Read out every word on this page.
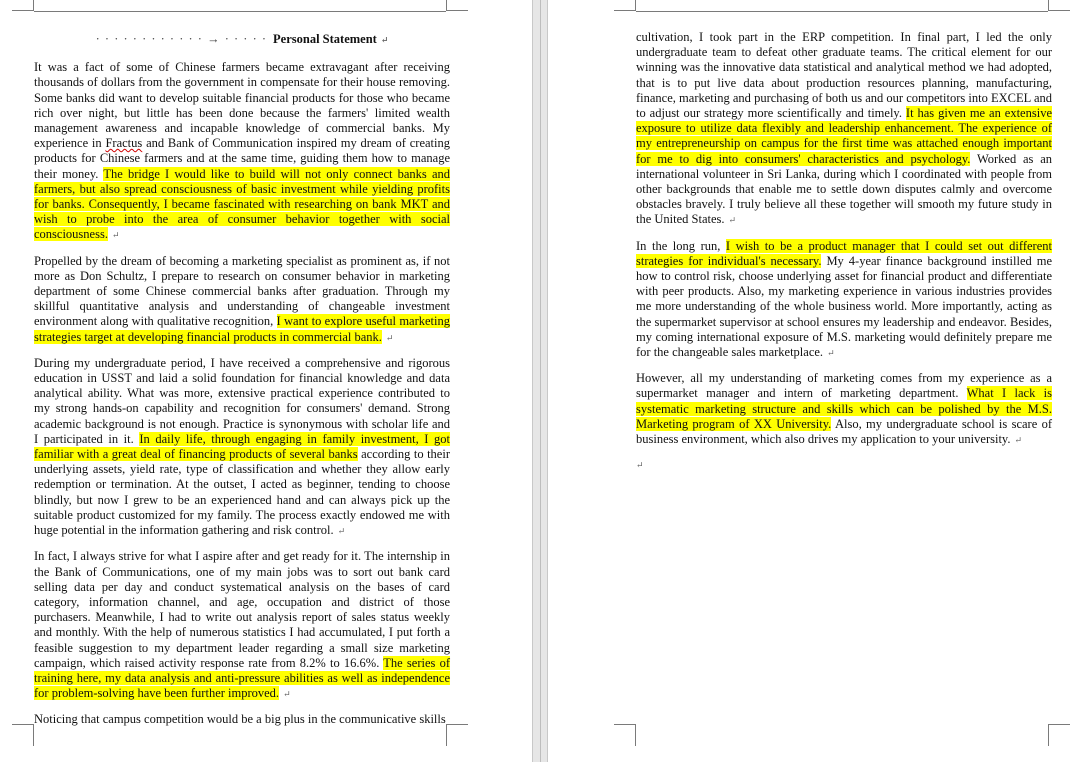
· · · · · · · · · · · · → · · · · · Personal Statement ↵

It was a fact of some of Chinese farmers became extravagant after receiving thousands of dollars from the government in compensate for their house removing. Some banks did want to develop suitable financial products for those who became rich over night, but little has been done because the farmers' limited wealth management awareness and incapable knowledge of commercial banks. My experience in Fractus and Bank of Communication inspired my dream of creating products for Chinese farmers and at the same time, guiding them how to manage their money. The bridge I would like to build will not only connect banks and farmers, but also spread consciousness of basic investment while yielding profits for banks. Consequently, I became fascinated with researching on bank MKT and wish to probe into the area of consumer behavior together with social consciousness. ↵

Propelled by the dream of becoming a marketing specialist as prominent as, if not more as Don Schultz, I prepare to research on consumer behavior in marketing department of some Chinese commercial banks after graduation. Through my skillful quantitative analysis and understanding of changeable investment environment along with qualitative recognition, I want to explore useful marketing strategies target at developing financial products in commercial bank. ↵

During my undergraduate period, I have received a comprehensive and rigorous education in USST and laid a solid foundation for financial knowledge and data analytical ability. What was more, extensive practical experience contributed to my strong hands-on capability and recognition for consumers' demand. Strong academic background is not enough. Practice is synonymous with scholar life and I participated in it. In daily life, through engaging in family investment, I got familiar with a great deal of financing products of several banks according to their underlying assets, yield rate, type of classification and whether they allow early redemption or termination. At the outset, I acted as beginner, tending to choose blindly, but now I grew to be an experienced hand and can always pick up the suitable product customized for my family. The process exactly endowed me with huge potential in the information gathering and risk control. ↵

In fact, I always strive for what I aspire after and get ready for it. The internship in the Bank of Communications, one of my main jobs was to sort out bank card selling data per day and conduct systematical analysis on the bases of card category, information channel, and age, occupation and district of those purchasers. Meanwhile, I had to write out analysis report of sales status weekly and monthly. With the help of numerous statistics I had accumulated, I put forth a feasible suggestion to my department leader regarding a small size marketing campaign, which raised activity response rate from 8.2% to 16.6%. The series of training here, my data analysis and anti-pressure abilities as well as independence for problem-solving have been further improved. ↵

Noticing that campus competition would be a big plus in the communicative skills

cultivation, I took part in the ERP competition. In final part, I led the only undergraduate team to defeat other graduate teams. The critical element for our winning was the innovative data statistical and analytical method we had adopted, that is to put live data about production resources planning, manufacturing, finance, marketing and purchasing of both us and our competitors into EXCEL and to adjust our strategy more scientifically and timely. It has given me an extensive exposure to utilize data flexibly and leadership enhancement. The experience of my entrepreneurship on campus for the first time was attached enough important for me to dig into consumers' characteristics and psychology. Worked as an international volunteer in Sri Lanka, during which I coordinated with people from other backgrounds that enable me to settle down disputes calmly and overcome obstacles bravely. I truly believe all these together will smooth my future study in the United States. ↵

In the long run, I wish to be a product manager that I could set out different strategies for individual's necessary. My 4-year finance background instilled me how to control risk, choose underlying asset for financial product and differentiate with peer products. Also, my marketing experience in various industries provides me more understanding of the whole business world. More importantly, acting as the supermarket supervisor at school ensures my leadership and endeavor. Besides, my coming international exposure of M.S. marketing would definitely prepare me for the changeable sales marketplace. ↵

However, all my understanding of marketing comes from my experience as a supermarket manager and intern of marketing department. What I lack is systematic marketing structure and skills which can be polished by the M.S. Marketing program of XX University. Also, my undergraduate school is scare of business environment, which also drives my application to your university. ↵

↵
